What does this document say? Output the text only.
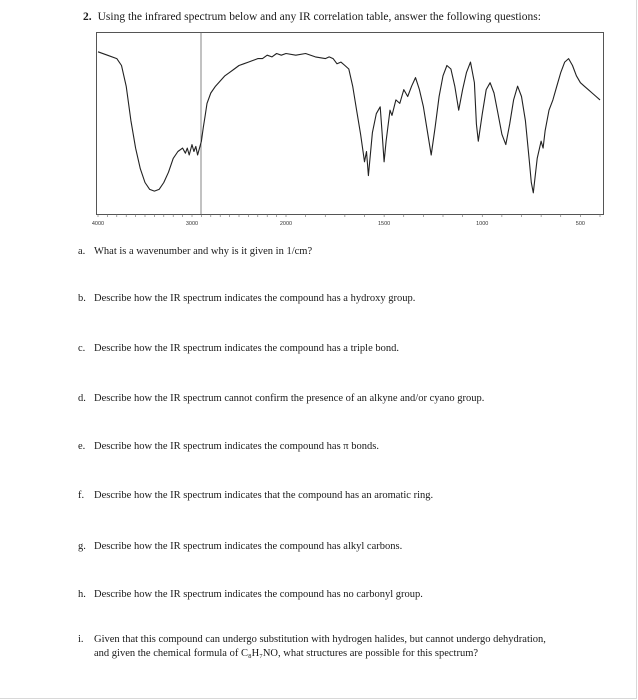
2. Using the infrared spectrum below and any IR correlation table, answer the following questions:
4000	3000	2000	1500	1000	500
a. What is a wavenumber and why is it given in 1/cm?
b. Describe how the IR spectrum indicates the compound has a hydroxy group.
c. Describe how the IR spectrum indicates the compound has a triple bond.
d. Describe how the IR spectrum cannot confirm the presence of an alkyne and/or cyano group.
e. Describe how the IR spectrum indicates the compound has π bonds.
f. Describe how the IR spectrum indicates that the compound has an aromatic ring.
g. Describe how the IR spectrum indicates the compound has alkyl carbons.
h. Describe how the IR spectrum indicates the compound has no carbonyl group.
i. Given that this compound can undergo substitution with hydrogen halides, but cannot undergo dehydration, and given the chemical formula of C₈H₇NO, what structures are possible for this spectrum?
